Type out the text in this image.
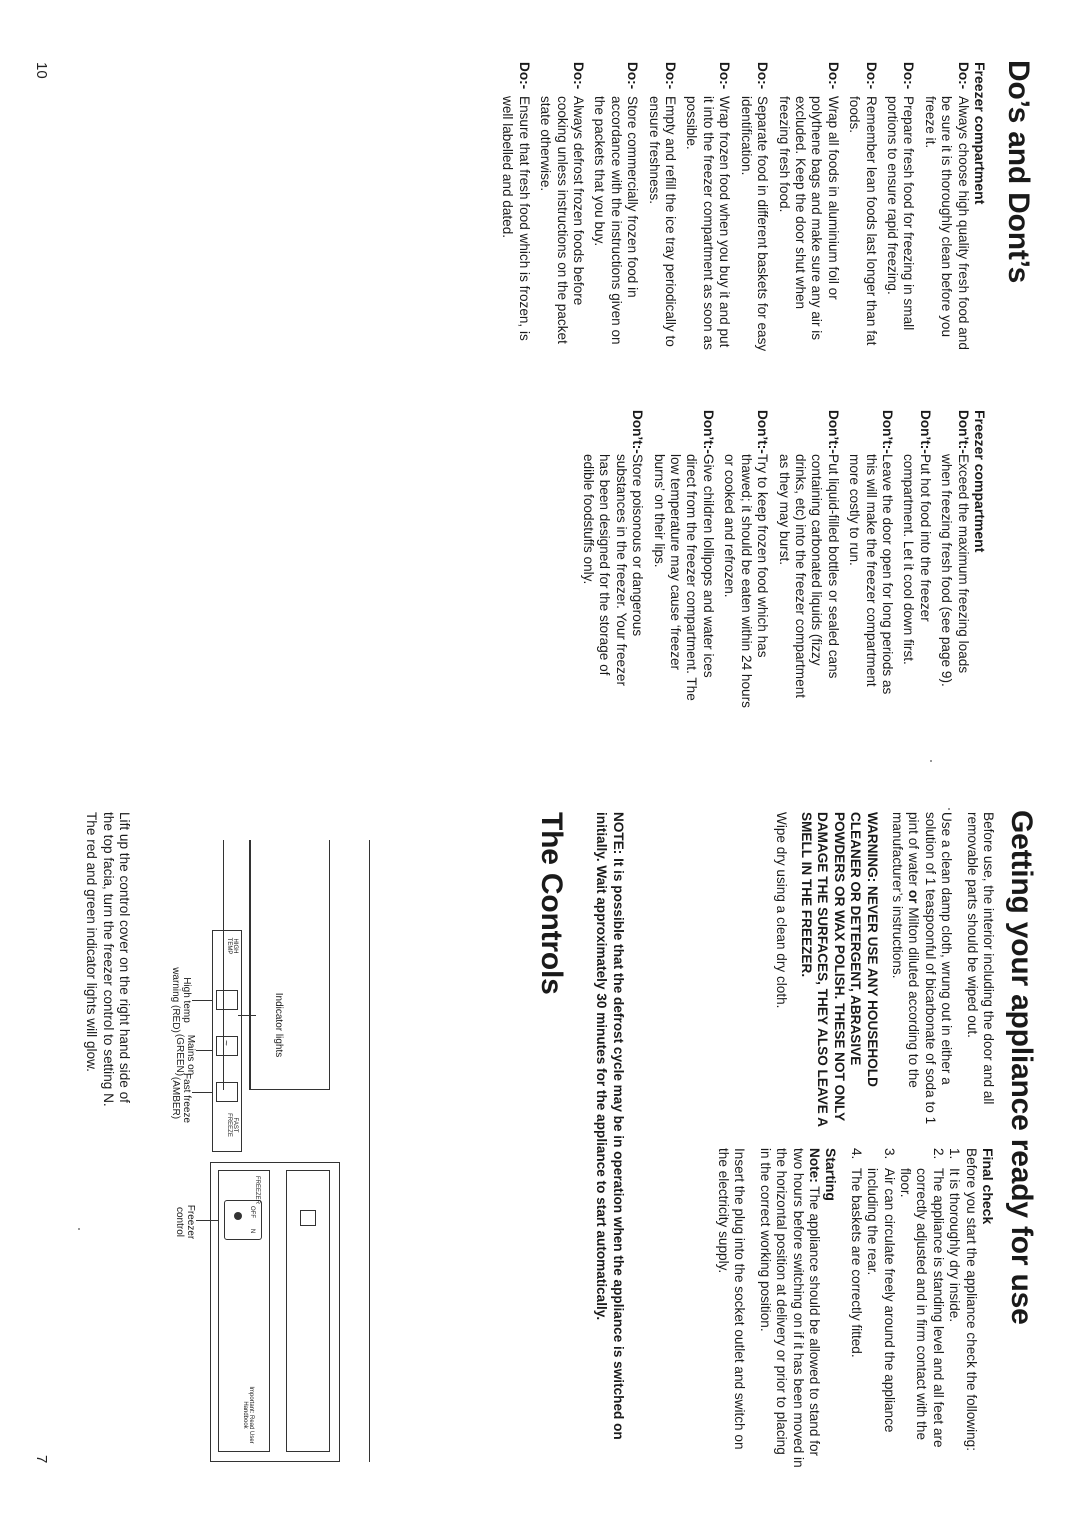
10	Do’s and Dont’s
Freezer compartment
Do:-
Always choose high quality fresh food and be sure it is thoroughly clean before you freeze it.
Do:-
Prepare fresh food for freezing in small portions to ensure rapid freezing.
Do:-
Remember lean foods last longer than fat foods.
Do:-
Wrap all foods in aluminium foil or polythene bags and make sure any air is excluded. Keep the door shut when freezing fresh food.
Do:-
Separate food in different baskets for easy identification.
Do:-
Wrap frozen food when you buy it and put it into the freezer compartment as soon as possible.
Do:-
Empty and refill the ice tray periodically to ensure freshness.
Do:-
Store commercially frozen food in accordance with the instructions given on the packets that you buy.
Do:-
Always defrost frozen foods before cooking unless instructions on the packet state otherwise.
Do:-
Ensure that fresh food which is frozen, is well labelled and dated.
Freezer compartment
Don’t:-
Exceed the maximum freezing loads when freezing fresh food (see page 9).
Don’t:-
Put hot food into the freezer compartment. Let it cool down first.
Don’t:-
Leave the door open for long periods as this will make the freezer compartment more costly to run.
Don’t:-
Put liquid-filled bottles or sealed cans containing carbonated liquids (fizzy drinks, etc) into the freezer compartment as they may burst.
Don’t:-
Try to keep frozen food which has thawed; it should be eaten within 24 hours or cooked and refrozen.
Don’t:-
Give children lollipops and water ices direct from the freezer compartment. The low temperature may cause ‘freezer burns’ on their lips.
Don’t:-
Store poisonous or dangerous substances in the freezer. Your freezer has been designed for the storage of edible foodstuffs only.
7
Getting your appliance ready for use

Before use, the interior including the door and all removable parts should be wiped out.

Use a clean damp cloth, wrung out in either a solution of 1 teaspoonful of bicarbonate of soda to 1 pint of water or Milton diluted according to the manufacturer’s instructions.

WARNING: NEVER USE ANY HOUSEHOLD CLEANER OR DETERGENT, ABRASIVE POWDERS OR WAX POLISH. THESE NOT ONLY DAMAGE THE SURFACES, THEY ALSO LEAVE A SMELL IN THE FREEZER.

Wipe dry using a clean dry cloth.

Final check

Before you start the appliance check the following:

1.
It is thoroughly dry inside.
2.
The appliance is standing level and all feet are correctly adjusted and in firm contact with the floor.
3.
Air can circulate freely around the appliance including the rear.
4.
The baskets are correctly fitted.
Starting

Note: The appliance should be allowed to stand for two hours before switching on if it has been moved in the horizontal position at delivery or prior to placing in the correct working position.

Insert the plug into the socket outlet and switch on the electricity supply.

NOTE: It is possible that the defrost cycle may be in operation when the appliance is switched on initially. Wait approximately 30 minutes for the appliance to start automatically.
The Controls
FREEZER
OFF
N
Important: Read User Handbook
HIGH TEMP
~
FAST FREEZE
Indicator lights
High temp warning (RED)
Mains on (GREEN)
Fast freeze (AMBER)
Freezer control

Lift up the control cover on the right hand side of the top facia, turn the freezer control to setting N. The red and green indicator lights will glow.
